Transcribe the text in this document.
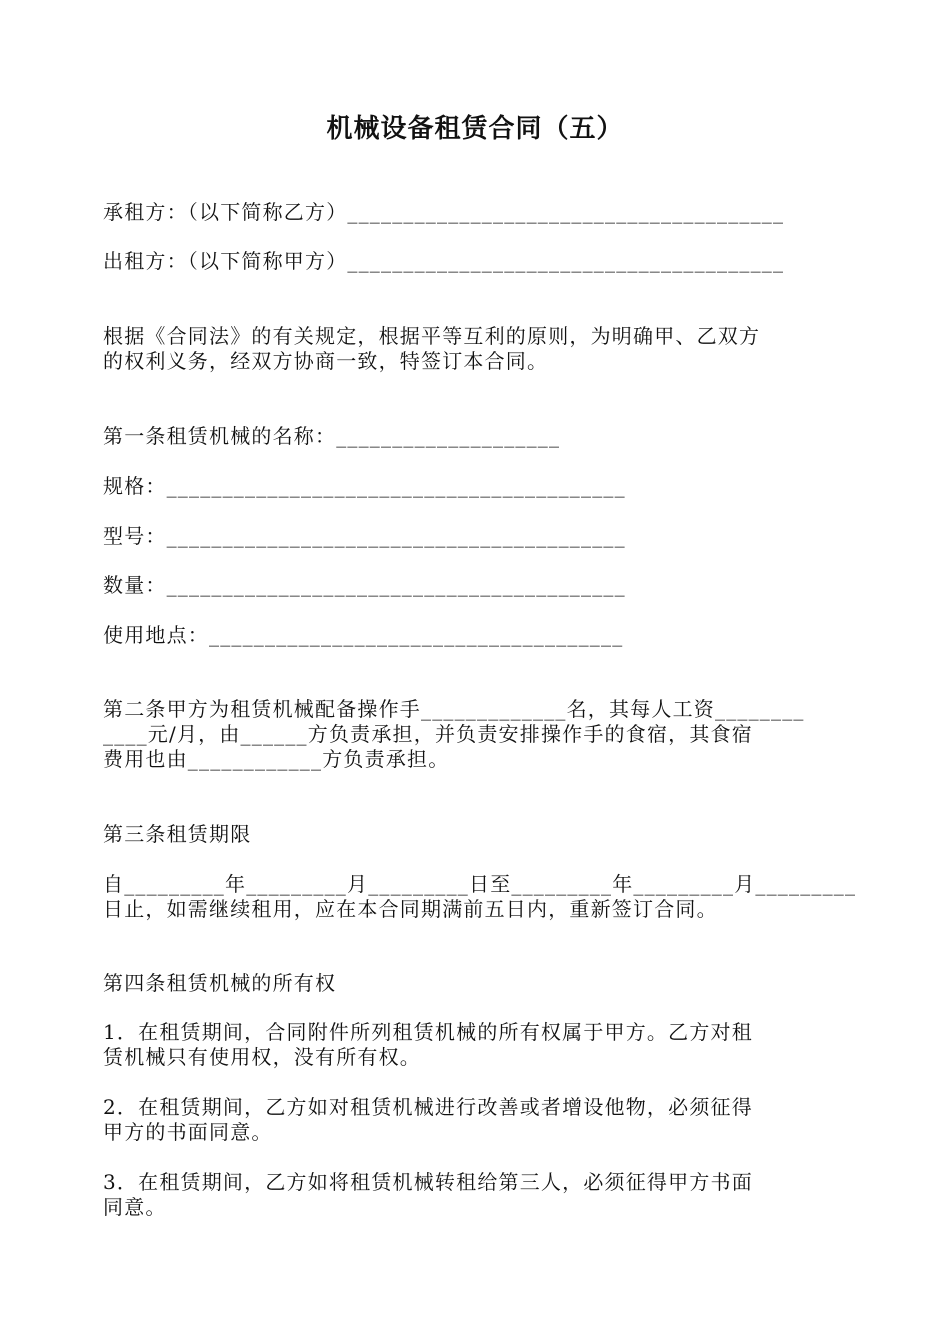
机械设备租赁合同（五）
承租方：（以下简称乙方）_______________________________________
出租方：（以下简称甲方）_______________________________________
根据《合同法》的有关规定，根据平等互利的原则，为明确甲、乙双方
的权利义务，经双方协商一致，特签订本合同。
第一条租赁机械的名称：____________________
规格：_________________________________________
型号：_________________________________________
数量：_________________________________________
使用地点：_____________________________________
第二条甲方为租赁机械配备操作手_____________名，其每人工资________
____元/月，由______方负责承担，并负责安排操作手的食宿，其食宿
费用也由____________方负责承担。
第三条租赁期限
自_________年_________月_________日至_________年_________月_________
日止，如需继续租用，应在本合同期满前五日内，重新签订合同。
第四条租赁机械的所有权
1．在租赁期间，合同附件所列租赁机械的所有权属于甲方。乙方对租
赁机械只有使用权，没有所有权。
2．在租赁期间，乙方如对租赁机械进行改善或者增设他物，必须征得
甲方的书面同意。
3．在租赁期间，乙方如将租赁机械转租给第三人，必须征得甲方书面
同意。
